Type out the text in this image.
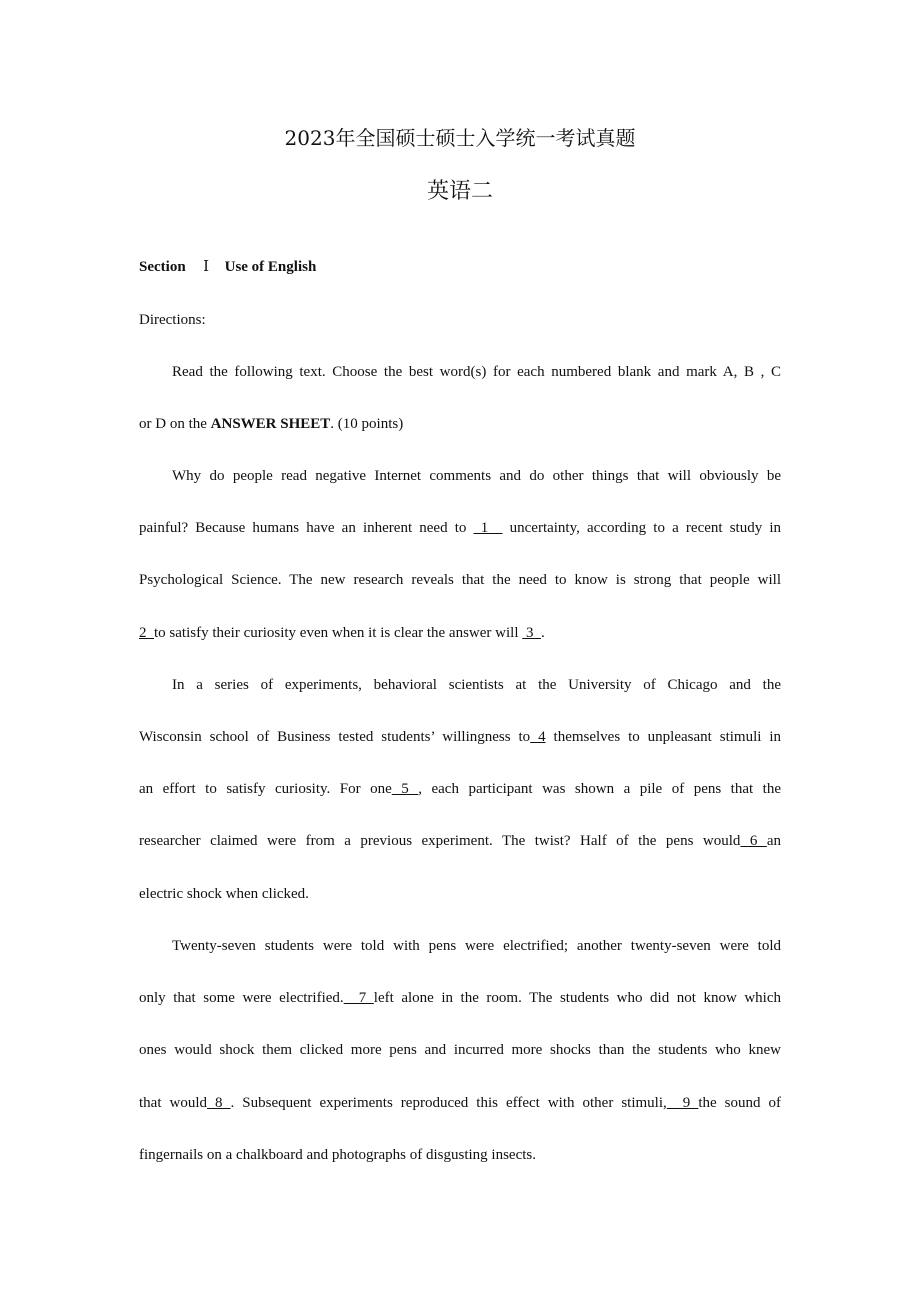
2023年全国硕士硕士入学统一考试真题
英语二
Section Ⅰ Use of English
Directions:
Read the following text. Choose the best word(s) for each numbered blank and mark A, B , C
or D on the ANSWER SHEET. (10 points)
Why do people read negative Internet comments and do other things that will obviously be
painful? Because humans have an inherent need to  1   uncertainty, according to a recent study in
Psychological Science. The new research reveals that the need to know is strong that people will
2  to satisfy their curiosity even when it is clear the answer will  3  .
In a series of experiments, behavioral scientists at the University of Chicago and the
Wisconsin school of Business tested students’ willingness to 4 themselves to unpleasant stimuli in
an effort to satisfy curiosity. For one 5 , each participant was shown a pile of pens that the
researcher claimed were from a previous experiment. The twist? Half of the pens would 6 an
electric shock when clicked.
Twenty-seven students were told with pens were electrified; another twenty-seven were told
only that some were electrified.  7 left alone in the room. The students who did not know which
ones would shock them clicked more pens and incurred more shocks than the students who knew
that would 8 . Subsequent experiments reproduced this effect with other stimuli,  9 the sound of
fingernails on a chalkboard and photographs of disgusting insects.
